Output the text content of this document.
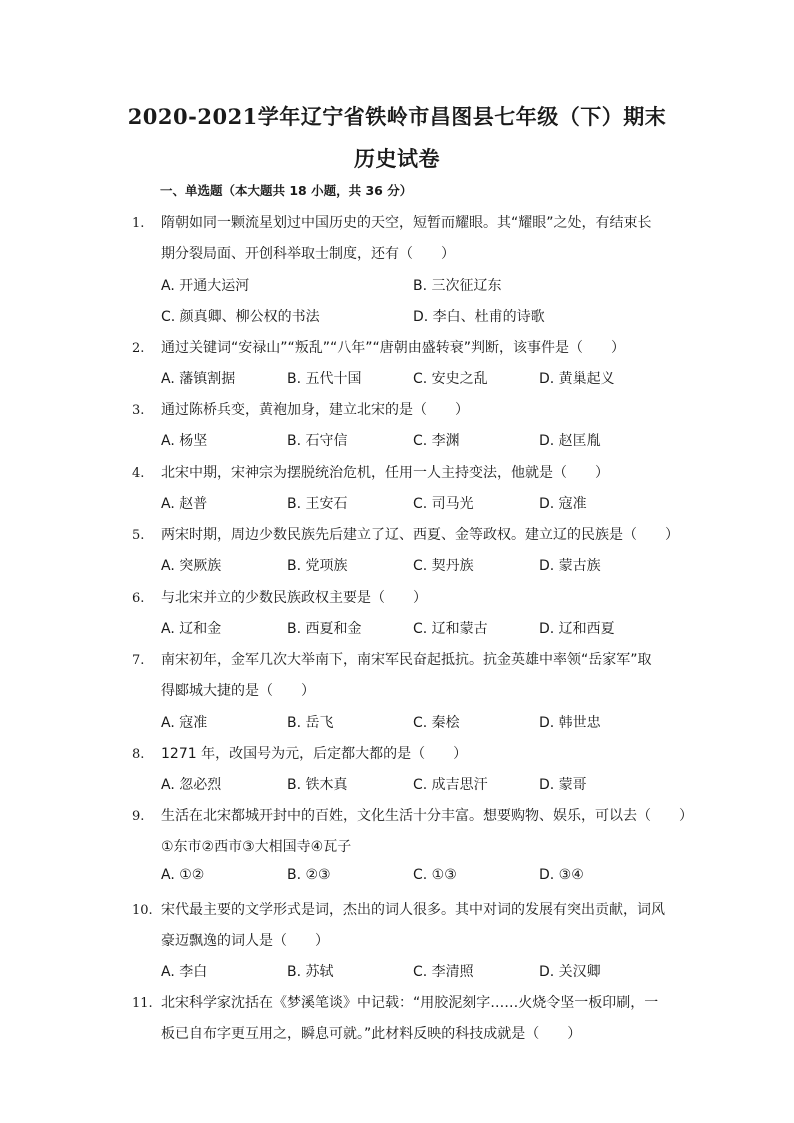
2020-2021学年辽宁省铁岭市昌图县七年级（下）期末
历史试卷
一、单选题（本大题共 18 小题，共 36 分）
1.	隋朝如同一颗流星划过中国历史的天空，短暂而耀眼。其“耀眼”之处，有结束长
期分裂局面、开创科举取士制度，还有（　　）
A. 开通大运河	B. 三次征辽东
C. 颜真卿、柳公权的书法	D. 李白、杜甫的诗歌
2.	通过关键词“安禄山”“叛乱”“八年”“唐朝由盛转衰”判断，该事件是（　　）
A. 藩镇割据	B. 五代十国	C. 安史之乱	D. 黄巢起义
3.	通过陈桥兵变，黄袍加身，建立北宋的是（　　）
A. 杨坚	B. 石守信	C. 李渊	D. 赵匡胤
4.	北宋中期，宋神宗为摆脱统治危机，任用一人主持变法，他就是（　　）
A. 赵普	B. 王安石	C. 司马光	D. 寇准
5.	两宋时期，周边少数民族先后建立了辽、西夏、金等政权。建立辽的民族是（　　）
A. 突厥族	B. 党项族	C. 契丹族	D. 蒙古族
6.	与北宋并立的少数民族政权主要是（　　）
A. 辽和金	B. 西夏和金	C. 辽和蒙古	D. 辽和西夏
7.	南宋初年，金军几次大举南下，南宋军民奋起抵抗。抗金英雄中率领“岳家军”取
得郾城大捷的是（　　）
A. 寇准	B. 岳飞	C. 秦桧	D. 韩世忠
8.	1271 年，改国号为元，后定都大都的是（　　）
A. 忽必烈	B. 铁木真	C. 成吉思汗	D. 蒙哥
9.	生活在北宋都城开封中的百姓，文化生活十分丰富。想要购物、娱乐，可以去（　　）
①东市②西市③大相国寺④瓦子
A. ①②	B. ②③	C. ①③	D. ③④
10. 宋代最主要的文学形式是词，杰出的词人很多。其中对词的发展有突出贡献，词风
豪迈飘逸的词人是（　　）
A. 李白	B. 苏轼	C. 李清照	D. 关汉卿
11. 北宋科学家沈括在《梦溪笔谈》中记载：“用胶泥刻字……火烧令坚一板印刷，一
板已自布字更互用之，瞬息可就。”此材料反映的科技成就是（　　）
